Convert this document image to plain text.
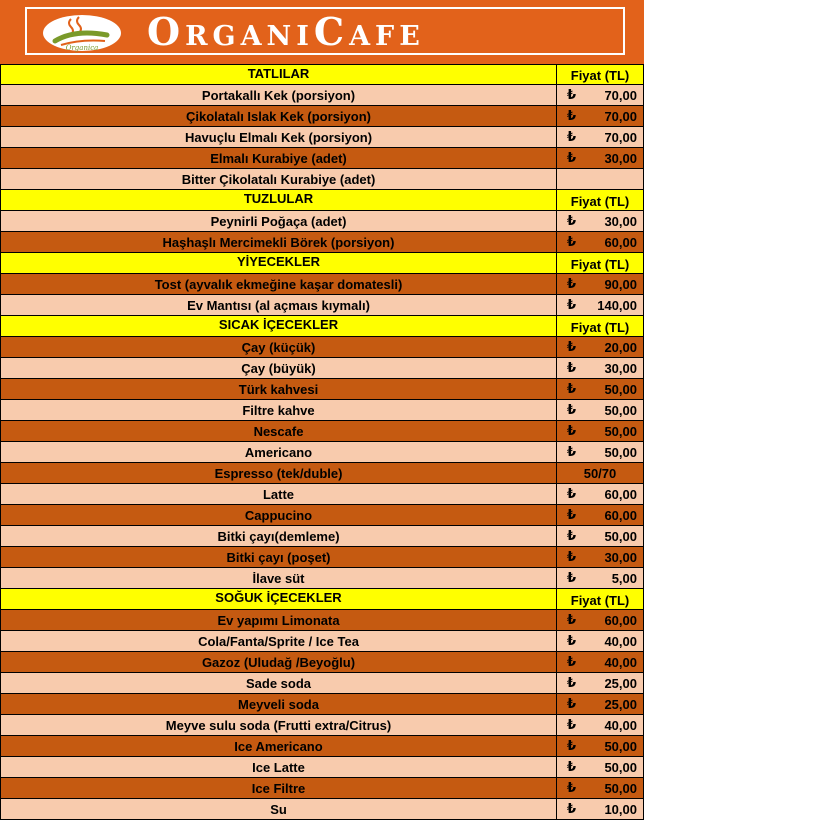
Organica OrganiCafe
TATLILAR	Fiyat (TL)
Portakallı Kek (porsiyon)	₺	70,00
Çikolatalı Islak Kek (porsiyon)	₺	70,00
Havuçlu Elmalı Kek (porsiyon)	₺	70,00
Elmalı Kurabiye (adet)	₺	30,00
Bitter Çikolatalı Kurabiye (adet)
TUZLULAR	Fiyat (TL)
Peynirli Poğaça (adet)	₺	30,00
Haşhaşlı Mercimekli Börek (porsiyon)	₺	60,00
YİYECEKLER	Fiyat (TL)
Tost (ayvalık ekmeğine kaşar domatesli)	₺	90,00
Ev Mantısı (al açmaıs kıymalı)	₺	140,00
SICAK İÇECEKLER	Fiyat (TL)
Çay (küçük)	₺	20,00
Çay (büyük)	₺	30,00
Türk kahvesi	₺	50,00
Filtre kahve	₺	50,00
Nescafe	₺	50,00
Americano	₺	50,00
Espresso (tek/duble)	50/70
Latte	₺	60,00
Cappucino	₺	60,00
Bitki çayı(demleme)	₺	50,00
Bitki çayı (poşet)	₺	30,00
İlave süt	₺	5,00
SOĞUK İÇECEKLER	Fiyat (TL)
Ev yapımı Limonata	₺	60,00
Cola/Fanta/Sprite / Ice Tea	₺	40,00
Gazoz (Uludağ /Beyoğlu)	₺	40,00
Sade soda	₺	25,00
Meyveli soda	₺	25,00
Meyve sulu soda (Frutti extra/Citrus)	₺	40,00
Ice Americano	₺	50,00
Ice Latte	₺	50,00
Ice Filtre	₺	50,00
Su	₺	10,00
